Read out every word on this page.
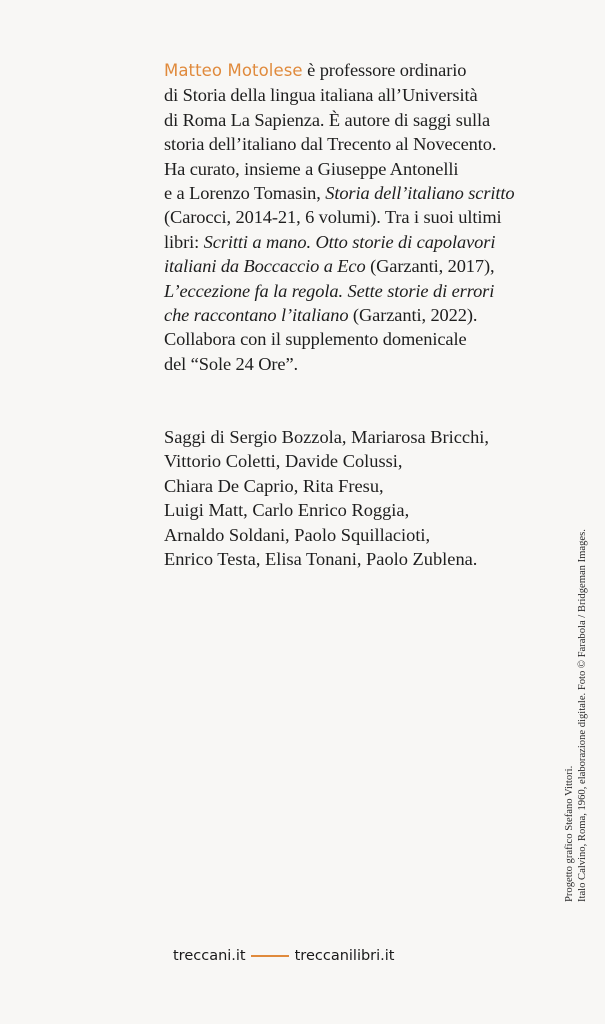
Matteo Motolese è professore ordinario
di Storia della lingua italiana all’Università
di Roma La Sapienza. È autore di saggi sulla
storia dell’italiano dal Trecento al Novecento.
Ha curato, insieme a Giuseppe Antonelli
e a Lorenzo Tomasin, Storia dell’italiano scritto
(Carocci, 2014-21, 6 volumi). Tra i suoi ultimi
libri: Scritti a mano. Otto storie di capolavori
italiani da Boccaccio a Eco (Garzanti, 2017),
L’eccezione fa la regola. Sette storie di errori
che raccontano l’italiano (Garzanti, 2022).
Collabora con il supplemento domenicale
del “Sole 24 Ore”.
Saggi di Sergio Bozzola, Mariarosa Bricchi,
Vittorio Coletti, Davide Colussi,
Chiara De Caprio, Rita Fresu,
Luigi Matt, Carlo Enrico Roggia,
Arnaldo Soldani, Paolo Squillacioti,
Enrico Testa, Elisa Tonani, Paolo Zublena.
Progetto grafico Stefano Vittori. Italo Calvino, Roma, 1960, elaborazione digitale. Foto © Farabola / Bridgeman Images.
treccani.it	treccanilibri.it
